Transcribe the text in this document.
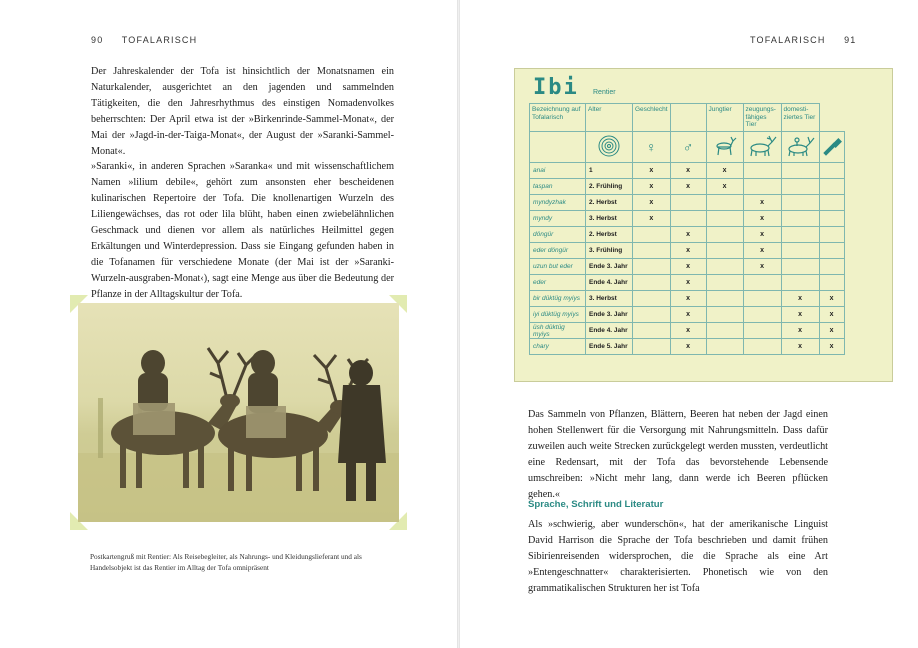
90 TOFALARISCH

Der Jahreskalender der Tofa ist hinsichtlich der Monatsnamen ein Naturkalender, ausgerichtet an den jagenden und sammelnden Tätigkeiten, die den Jahresrhythmus des einstigen Nomadenvolkes beherrschten: Der April etwa ist der »Birkenrinde-Sammel-Monat«, der Mai der »Jagd-in-der-Taiga-Monat«, der August der »Saranki-Sammel-Monat«.

»Saranki«, in anderen Sprachen »Saranka« und mit wissenschaftlichem Namen »lilium debile«, gehört zum ansonsten eher bescheidenen kulinarischen Repertoire der Tofa. Die knollenartigen Wurzeln des Liliengewächses, das rot oder lila blüht, haben einen zwiebelähnlichen Geschmack und dienen vor allem als natürliches Heilmittel gegen Erkältungen und Winterdepression. Dass sie Eingang gefunden haben in die Tofanamen für verschiedene Monate (der Mai ist der »Saranki-Wurzeln-ausgraben-Monat‹), sagt eine Menge aus über die Bedeutung der Pflanze in der Alltagskultur der Tofa.

Postkartengruß mit Rentier: Als Reisebegleiter, als Nahrungs- und Kleidungslieferant und als Handelsobjekt ist das Rentier im Alltag der Tofa omnipräsent
TOFALARISCH 91
Ibi Rentier
Bezeichnung auf Tofalarisch	Alter	Geschlecht		Jungtier	zeugungs-fähiges Tier	domesti-ziertes Tier	
		♀	♂				
anai	1	x	x	x			
taspan	2. Frühling	x	x	x			
myndyzhak	2. Herbst	x			x		
myndy	3. Herbst	x			x		
döngür	2. Herbst		x		x		
eder döngür	3. Frühling		x		x		
uzun but eder	Ende 3. Jahr		x		x		
eder	Ende 4. Jahr		x				
bir düktüg myiys	3. Herbst		x			x	x
iyi düktüg myiys	Ende 3. Jahr		x			x	x
üsh düktüg myiys	Ende 4. Jahr		x			x	x
chary	Ende 5. Jahr		x			x	x

Das Sammeln von Pflanzen, Blättern, Beeren hat neben der Jagd einen hohen Stellenwert für die Versorgung mit Nahrungsmitteln. Dass dafür zuweilen auch weite Strecken zurückgelegt werden mussten, verdeutlicht eine Redensart, mit der Tofa das bevorstehende Lebensende umschreiben: »Nicht mehr lang, dann werde ich Beeren pflücken gehen.«

Sprache, Schrift und Literatur

Als »schwierig, aber wunderschön«, hat der amerikanische Linguist David Harrison die Sprache der Tofa beschrieben und damit frühen Sibirienreisenden widersprochen, die die Sprache als eine Art »Entengeschnatter« charakterisierten. Phonetisch wie von den grammatikalischen Strukturen her ist Tofa
